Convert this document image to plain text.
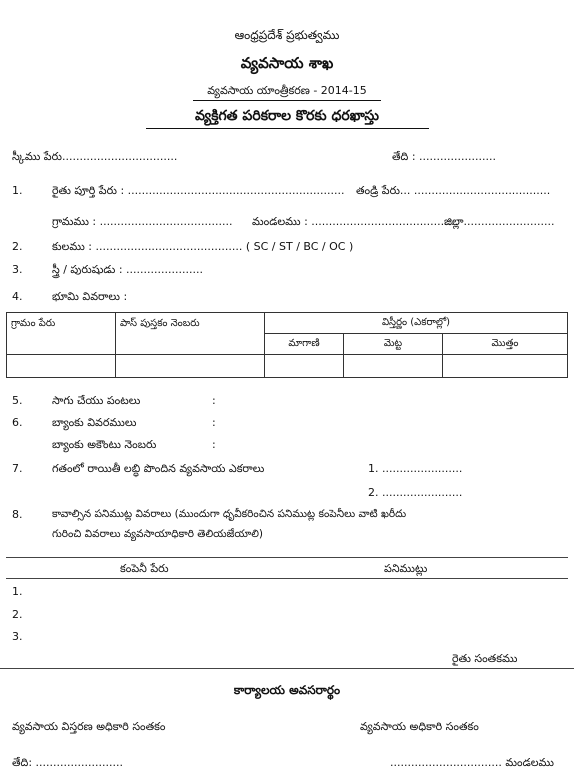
ఆంధ్రప్రదేశ్ ప్రభుత్వము
వ్యవసాయ శాఖ
వ్యవసాయ యాంత్రీకరణ - 2014-15
వ్యక్తిగత పరికరాల కొరకు ధరఖాస్తు
స్కీము పేరు.................................	తేది : ......................
1.	రైతు పూర్తి పేరు : .............................................................. తండ్రి పేరు... .......................................
గ్రామము : ...................................... మండలము : ..........................................
జిల్లా..........................
2.	కులము : .......................................... ( SC / ST / BC / OC )
3.	స్త్రీ / పురుషుడు : ......................
4.	భూమి వివరాలు :
గ్రామం పేరు	పాస్ పుస్తకం నెంబరు	విస్తీర్ణం (ఎకరాల్లో)		
		మాగాణి	మెట్ట	మొత్తం

5.	సాగు చేయు పంటలు	:
6.	బ్యాంకు వివరములు	:
బ్యాంకు అకౌంటు నెంబరు	:
7.	గతంలో రాయితీ లబ్ధి పొందిన వ్యవసాయ ఎకరాలు	1. .......................
2. .......................
8.	కావాల్సిన పనిముట్ల వివరాలు (ముందుగా ధృవీకరించిన పనిముట్ల కంపెనీలు వాటి ఖరీదు
గురించి వివరాలు వ్యవసాయాధికారి తెలియజేయాలి)
కంపెనీ పేరు	పనిముట్లు
1.
2.
3.
రైతు సంతకము
కార్యాలయ అవసరార్థం
వ్యవసాయ విస్తరణ అధికారి సంతకం	వ్యవసాయ అధికారి సంతకం
తేది: .........................	................................ మండలము
